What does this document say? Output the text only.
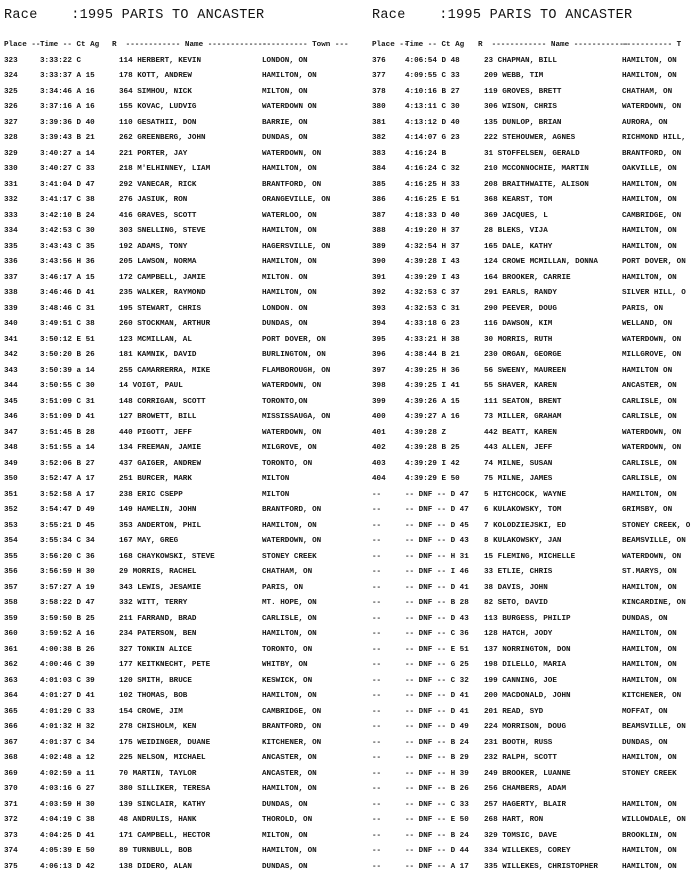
Race    :1995 PARIS TO ANCASTER

Place --

Time -- Ct Ag

R  ------------ Name -------------

---------- Town ---

323	3:33:22 C	114 HERBERT, KEVIN	LONDON, ON
324	3:33:37 A 15	178 KOTT, ANDREW	HAMILTON, ON
325	3:34:46 A 16	364 SIMHOU, NICK	MILTON, ON
326	3:37:16 A 16	155 KOVAC, LUDVIG	WATERDOWN ON
327	3:39:36 D 40	110 GESATHII, DON	BARRIE, ON
328	3:39:43 B 21	262 GREENBERG, JOHN	DUNDAS, ON
329	3:40:27 a 14	221 PORTER, JAY	WATERDOWN, ON
330	3:40:27 C 33	218 M'ELHINNEY, LIAM	HAMILTON, ON
331	3:41:04 D 47	292 VANECAR, RICK	BRANTFORD, ON
332	3:41:17 C 38	276 JASIUK, RON	ORANGEVILLE, ON
333	3:42:10 B 24	416 GRAVES, SCOTT	WATERLOO, ON
334	3:42:53 C 30	303 SNELLING, STEVE	HAMILTON, ON
335	3:43:43 C 35	192 ADAMS, TONY	HAGERSVILLE, ON
336	3:43:56 H 36	205 LAWSON, NORMA	HAMILTON, ON
337	3:46:17 A 15	172 CAMPBELL, JAMIE	MILTON. ON
338	3:46:46 D 41	235 WALKER, RAYMOND	HAMILTON, ON
339	3:48:46 C 31	195 STEWART, CHRIS	LONDON. ON
340	3:49:51 C 38	260 STOCKMAN, ARTHUR	DUNDAS, ON
341	3:50:12 E 51	123 MCMILLAN, AL	PORT DOVER, ON
342	3:50:20 B 26	181 KAMNIK, DAVID	BURLINGTON, ON
343	3:50:39 a 14	255 CAMARRERRA, MIKE	FLAMBOROUGH, ON
344	3:50:55 C 30	14 VOIGT, PAUL	WATERDOWN, ON
345	3:51:09 C 31	148 CORRIGAN, SCOTT	TORONTO,ON
346	3:51:09 D 41	127 BROWETT, BILL	MISSISSAUGA, ON
347	3:51:45 B 28	440 PIGOTT, JEFF	WATERDOWN, ON
348	3:51:55 a 14	134 FREEMAN, JAMIE	MILGROVE, ON
349	3:52:06 B 27	437 GAIGER, ANDREW	TORONTO, ON
350	3:52:47 A 17	251 BURCER, MARK	MILTON
351	3:52:58 A 17	238 ERIC CSEPP	MILTON
352	3:54:47 D 49	149 HAMELIN, JOHN	BRANTFORD, ON
353	3:55:21 D 45	353 ANDERTON, PHIL	HAMILTON, ON
354	3:55:34 C 34	167 MAY, GREG	WATERDOWN, ON
355	3:56:20 C 36	168 CHAYKOWSKI, STEVE	STONEY CREEK
356	3:56:59 H 30	29 MORRIS, RACHEL	CHATHAM, ON
357	3:57:27 A 19	343 LEWIS, JESAMIE	PARIS, ON
358	3:58:22 D 47	332 WITT, TERRY	MT. HOPE, ON
359	3:59:50 B 25	211 FARRAND, BRAD	CARLISLE, ON
360	3:59:52 A 16	234 PATERSON, BEN	HAMILTON, ON
361	4:00:38 B 26	327 TONKIN ALICE	TORONTO, ON
362	4:00:46 C 39	177 KEITKNECHT, PETE	WHITBY, ON
363	4:01:03 C 39	120 SMITH, BRUCE	KESWICK, ON
364	4:01:27 D 41	102 THOMAS, BOB	HAMILTON, ON
365	4:01:29 C 33	154 CROWE, JIM	CAMBRIDGE, ON
366	4:01:32 H 32	278 CHISHOLM, KEN	BRANTFORD, ON
367	4:01:37 C 34	175 WEIDINGER, DUANE	KITCHENER, ON
368	4:02:48 a 12	225 NELSON, MICHAEL	ANCASTER, ON
369	4:02:59 a 11	70 MARTIN, TAYLOR	ANCASTER, ON
370	4:03:16 G 27	380 SILLIKER, TERESA	HAMILTON, ON
371	4:03:59 H 30	139 SINCLAIR, KATHY	DUNDAS, ON
372	4:04:19 C 38	48 ANDRULIS, HANK	THOROLD, ON
373	4:04:25 D 41	171 CAMPBELL, HECTOR	MILTON, ON
374	4:05:39 E 50	89 TURNBULL, BOB	HAMILTON, ON
375	4:06:13 D 42	138 DIDERO, ALAN	DUNDAS, ON
Race    :1995 PARIS TO ANCASTER

Place --

Time -- Ct Ag

R  ------------ Name ------------

----------- T

376	4:06:54 D 48	23 CHAPMAN, BILL	HAMILTON, ON
377	4:09:55 C 33	209 WEBB, TIM	HAMILTON, ON
378	4:10:16 B 27	119 GROVES, BRETT	CHATHAM, ON
380	4:13:11 C 30	306 WISON, CHRIS	WATERDOWN, ON
381	4:13:12 D 40	135 DUNLOP, BRIAN	AURORA, ON
382	4:14:07 G 23	222 STEHOUWER, AGNES	RICHMOND HILL,
383	4:16:24 B	31 STOFFELSEN, GERALD	BRANTFORD, ON
384	4:16:24 C 32	210 MCCONNOCHIE, MARTIN	OAKVILLE, ON
385	4:16:25 H 33	208 BRAITHWAITE, ALISON	HAMILTON, ON
386	4:16:25 E 51	368 KEARST, TOM	HAMILTON, ON
387	4:18:33 D 40	369 JACQUES, L	CAMBRIDGE, ON
388	4:19:20 H 37	28 BLEKS, VIJA	HAMILTON, ON
389	4:32:54 H 37	165 DALE, KATHY	HAMILTON, ON
390	4:39:28 I 43	124 CROWE MCMILLAN, DONNA	PORT DOVER, ON
391	4:39:29 I 43	164 BROOKER, CARRIE	HAMILTON, ON
392	4:32:53 C 37	291 EARLS, RANDY	SILVER HILL, O
393	4:32:53 C 31	290 PEEVER, DOUG	PARIS, ON
394	4:33:18 G 23	116 DAWSON, KIM	WELLAND, ON
395	4:33:21 H 38	30 MORRIS, RUTH	WATERDOWN, ON
396	4:38:44 B 21	230 ORGAN, GEORGE	MILLGROVE, ON
397	4:39:25 H 36	56 SWEENY, MAUREEN	HAMILTON ON
398	4:39:25 I 41	55 SHAVER, KAREN	ANCASTER, ON
399	4:39:26 A 15	111 SEATON, BRENT	CARLISLE, ON
400	4:39:27 A 16	73 MILLER, GRAHAM	CARLISLE, ON
401	4:39:28 Z	442 BEATT, KAREN	WATERDOWN, ON
402	4:39:28 B 25	443 ALLEN, JEFF	WATERDOWN, ON
403	4:39:29 I 42	74 MILNE, SUSAN	CARLISLE, ON
404	4:39:29 E 50	75 MILNE, JAMES	CARLISLE, ON
--	-- DNF -- D 47 5 HITCHCOCK, WAYNE	HAMILTON, ON
--	-- DNF -- D 47 6 KULAKOWSKY, TOM	GRIMSBY, ON
--	-- DNF -- D 45 7 KOLODZIEJSKI, ED	STONEY CREEK, O
--	-- DNF -- D 43 8 KULAKOWSKY, JAN	BEAMSVILLE, ON
--	-- DNF -- H 31 15 FLEMING, MICHELLE	WATERDOWN, ON
--	-- DNF -- I 46 33 ETLIE, CHRIS	ST.MARYS, ON
--	-- DNF -- D 41 38 DAVIS, JOHN	HAMILTON, ON
--	-- DNF -- B 28 82 SETO, DAVID	KINCARDINE, ON
--	-- DNF -- D 43 113 BURGESS, PHILIP	DUNDAS, ON
--	-- DNF -- C 36 128 HATCH, JODY	HAMILTON, ON
--	-- DNF -- E 51 137 NORRINGTON, DON	HAMILTON, ON
--	-- DNF -- G 25 198 DILELLO, MARIA	HAMILTON, ON
--	-- DNF -- C 32 199 CANNING, JOE	HAMILTON, ON
--	-- DNF -- D 41 200 MACDONALD, JOHN	KITCHENER, ON
--	-- DNF -- D 41 201 READ, SYD	MOFFAT, ON
--	-- DNF -- D 49 224 MORRISON, DOUG	BEAMSVILLE, ON
--	-- DNF -- B 24 231 BOOTH, RUSS	DUNDAS, ON
--	-- DNF -- B 29 232 RALPH, SCOTT	HAMILTON, ON
--	-- DNF -- H 39 249 BROOKER, LUANNE	STONEY CREEK
--	-- DNF -- B 26 256 CHAMBERS, ADAM
--	-- DNF -- C 33 257 HAGERTY, BLAIR	HAMILTON, ON
--	-- DNF -- E 50 268 HART, RON	WILLOWDALE, ON
--	-- DNF -- B 24 329 TOMSIC, DAVE	BROOKLIN, ON
--	-- DNF -- D 44 334 WILLEKES, COREY	HAMILTON, ON
--	-- DNF -- A 17 335 WILLEKES, CHRISTOPHER	HAMILTON, ON
